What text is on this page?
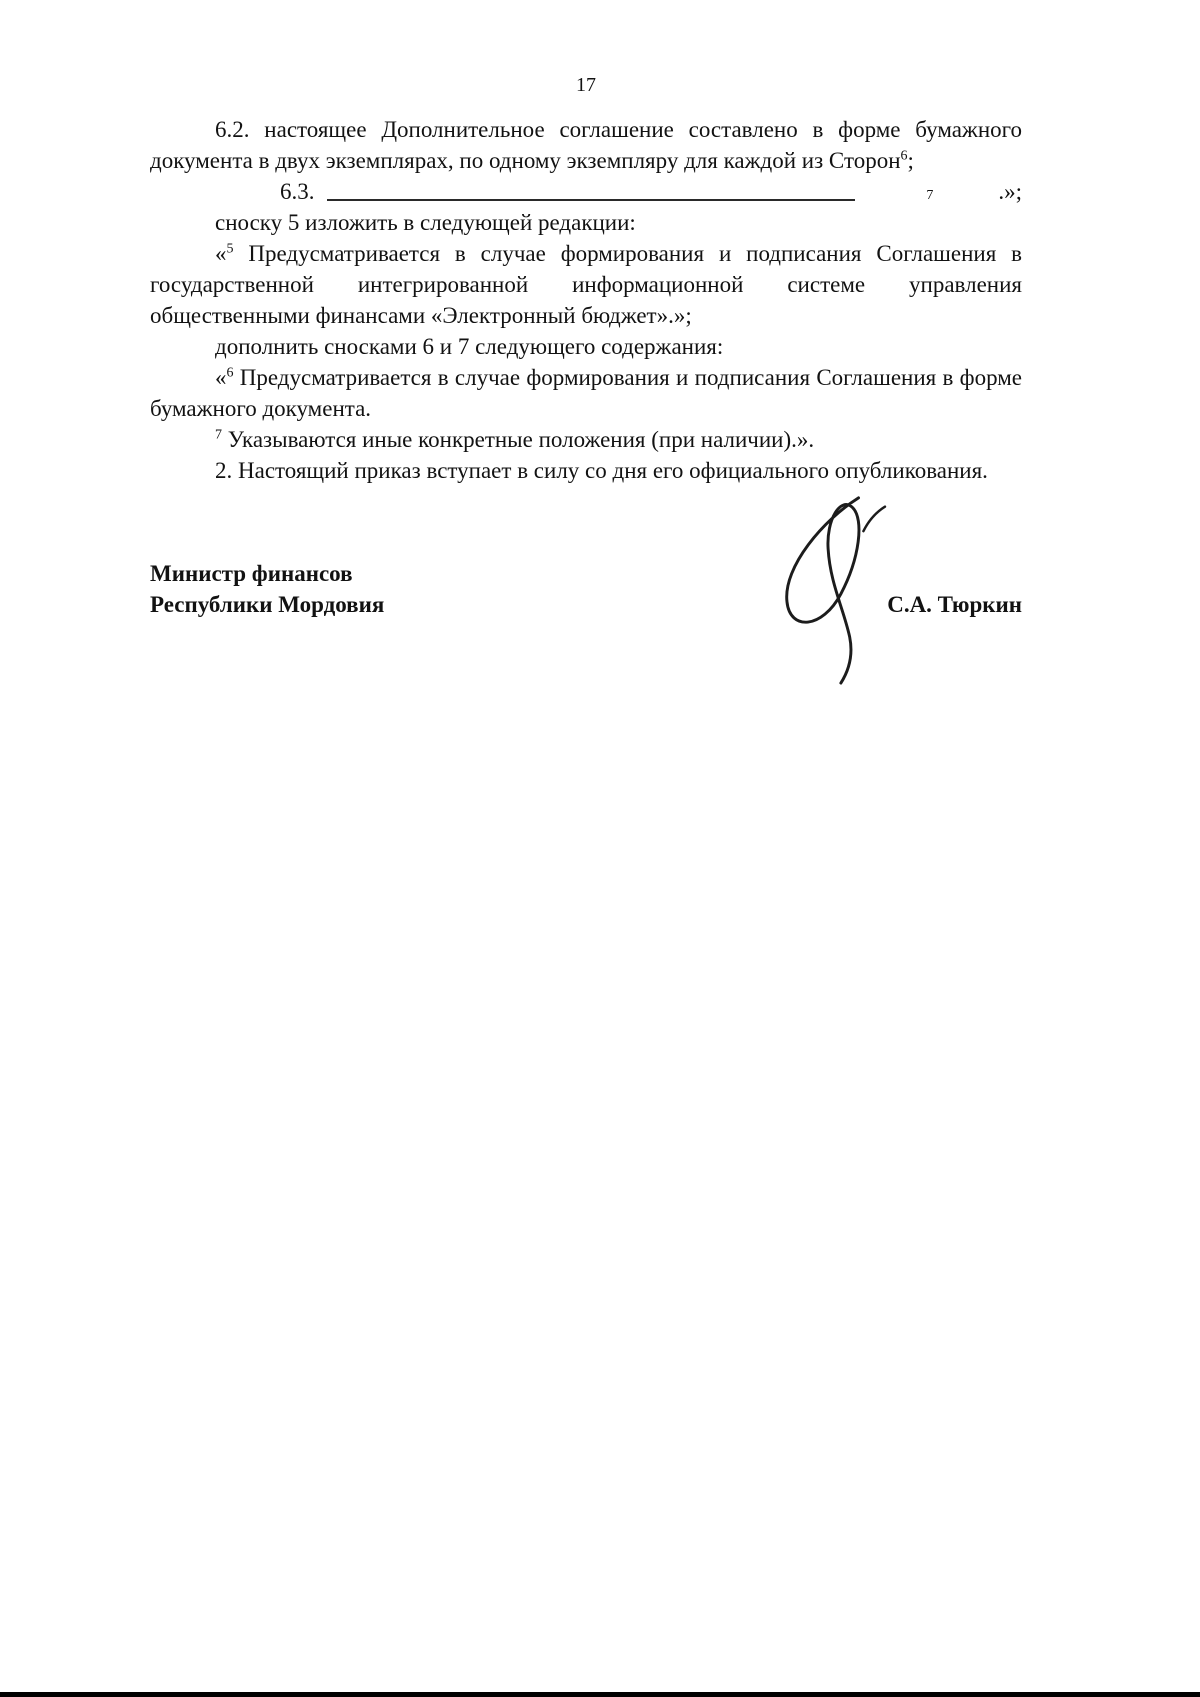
17

6.2. настоящее Дополнительное соглашение составлено в форме бумажного документа в двух экземплярах, по одному экземпляру для каждой из Сторон$^6$;

6.3.	7	.»;

сноску 5 изложить в следующей редакции:

«$^5$ Предусматривается в случае формирования и подписания Соглашения в государственной интегрированной информационной системе управления общественными финансами «Электронный бюджет».»;

дополнить сносками 6 и 7 следующего содержания:

«$^6$ Предусматривается в случае формирования и подписания Соглашения в форме бумажного документа.

$^7$ Указываются иные конкретные положения (при наличии).».

2. Настоящий приказ вступает в силу со дня его официального опубликования.

Министр финансов
Республики Мордовия	С.А. Тюркин
